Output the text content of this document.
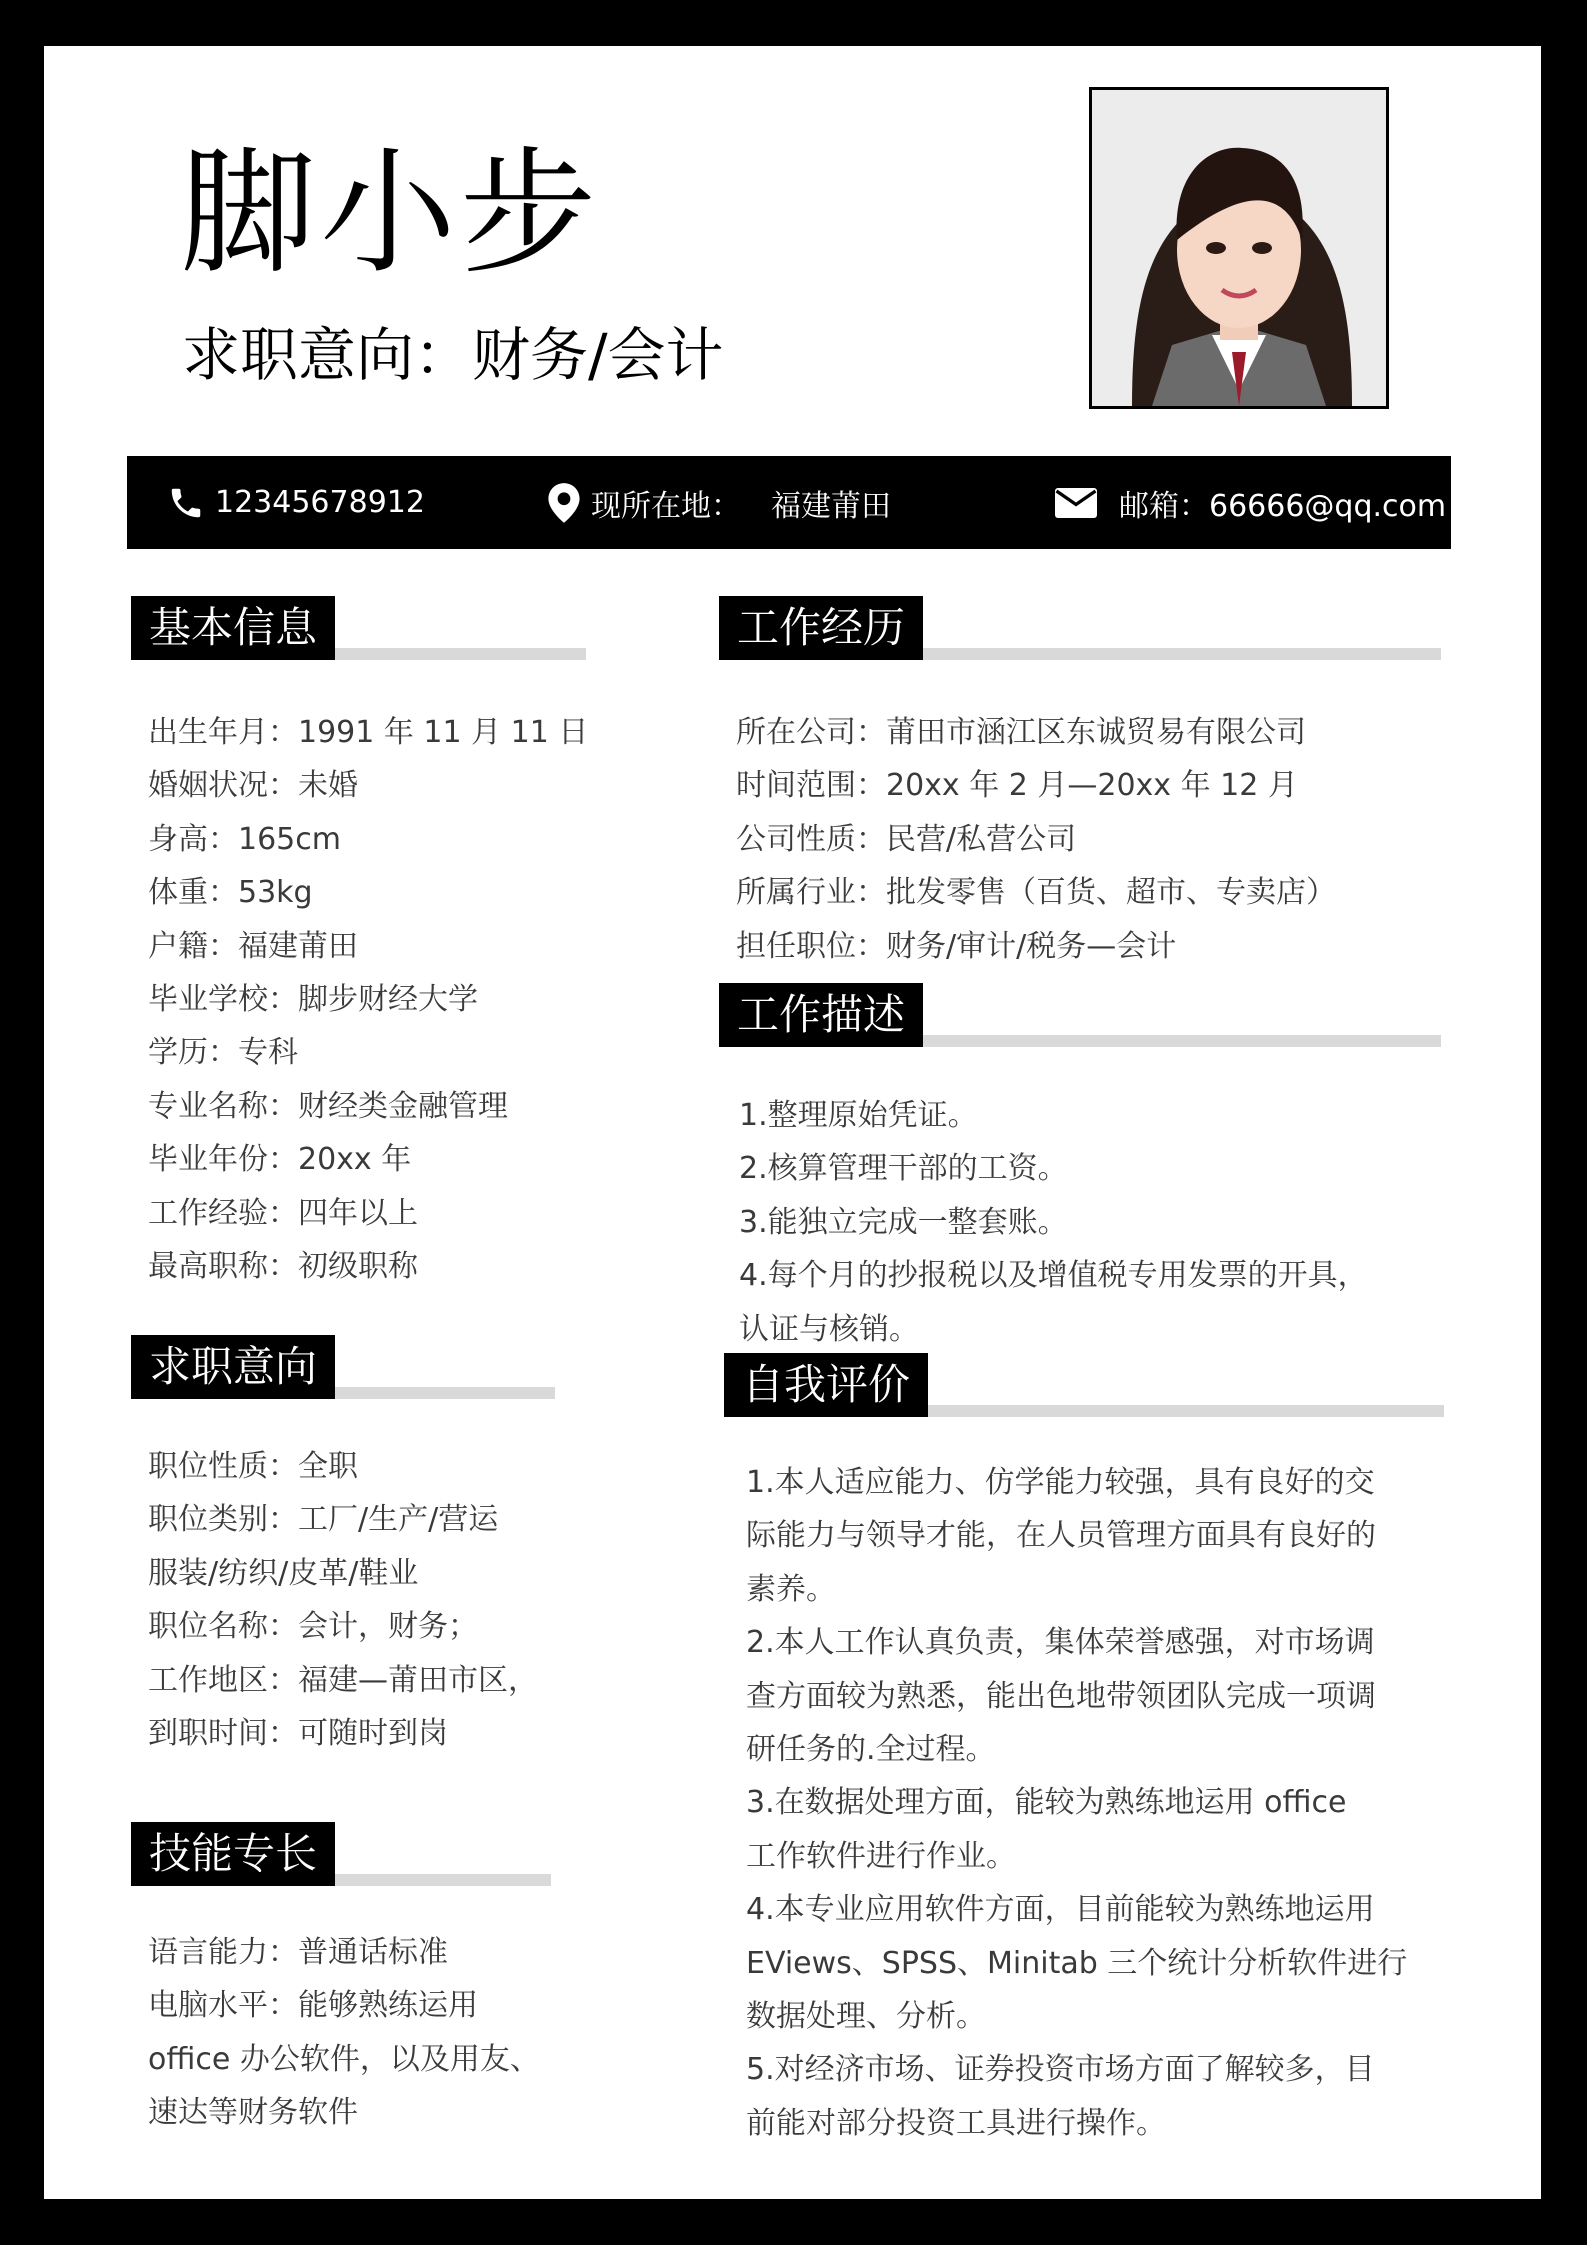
脚小步
求职意向：财务/会计
12345678912	现所在地： 福建莆田	邮箱：66666@qq.com
基本信息
出生年月：1991 年 11 月 11 日
婚姻状况：未婚
身高：165cm
体重：53kg
户籍：福建莆田
毕业学校：脚步财经大学
学历：专科
专业名称：财经类金融管理
毕业年份：20xx 年
工作经验：四年以上
最高职称：初级职称
求职意向
职位性质：全职
职位类别：工厂/生产/营运
服装/纺织/皮革/鞋业
职位名称：会计，财务；
工作地区：福建—莆田市区，
到职时间：可随时到岗
技能专长
语言能力：普通话标准
电脑水平：能够熟练运用
office 办公软件，以及用友、
速达等财务软件
工作经历
所在公司：莆田市涵江区东诚贸易有限公司
时间范围：20xx 年 2 月—20xx 年 12 月
公司性质：民营/私营公司
所属行业：批发零售（百货、超市、专卖店）
担任职位：财务/审计/税务—会计
工作描述
1.整理原始凭证。
2.核算管理干部的工资。
3.能独立完成一整套账。
4.每个月的抄报税以及增值税专用发票的开具，
认证与核销。
自我评价
1.本人适应能力、仿学能力较强，具有良好的交
际能力与领导才能，在人员管理方面具有良好的
素养。
2.本人工作认真负责，集体荣誉感强，对市场调
查方面较为熟悉，能出色地带领团队完成一项调
研任务的.全过程。
3.在数据处理方面，能较为熟练地运用 office
工作软件进行作业。
4.本专业应用软件方面，目前能较为熟练地运用
EViews、SPSS、Minitab 三个统计分析软件进行
数据处理、分析。
5.对经济市场、证券投资市场方面了解较多，目
前能对部分投资工具进行操作。
